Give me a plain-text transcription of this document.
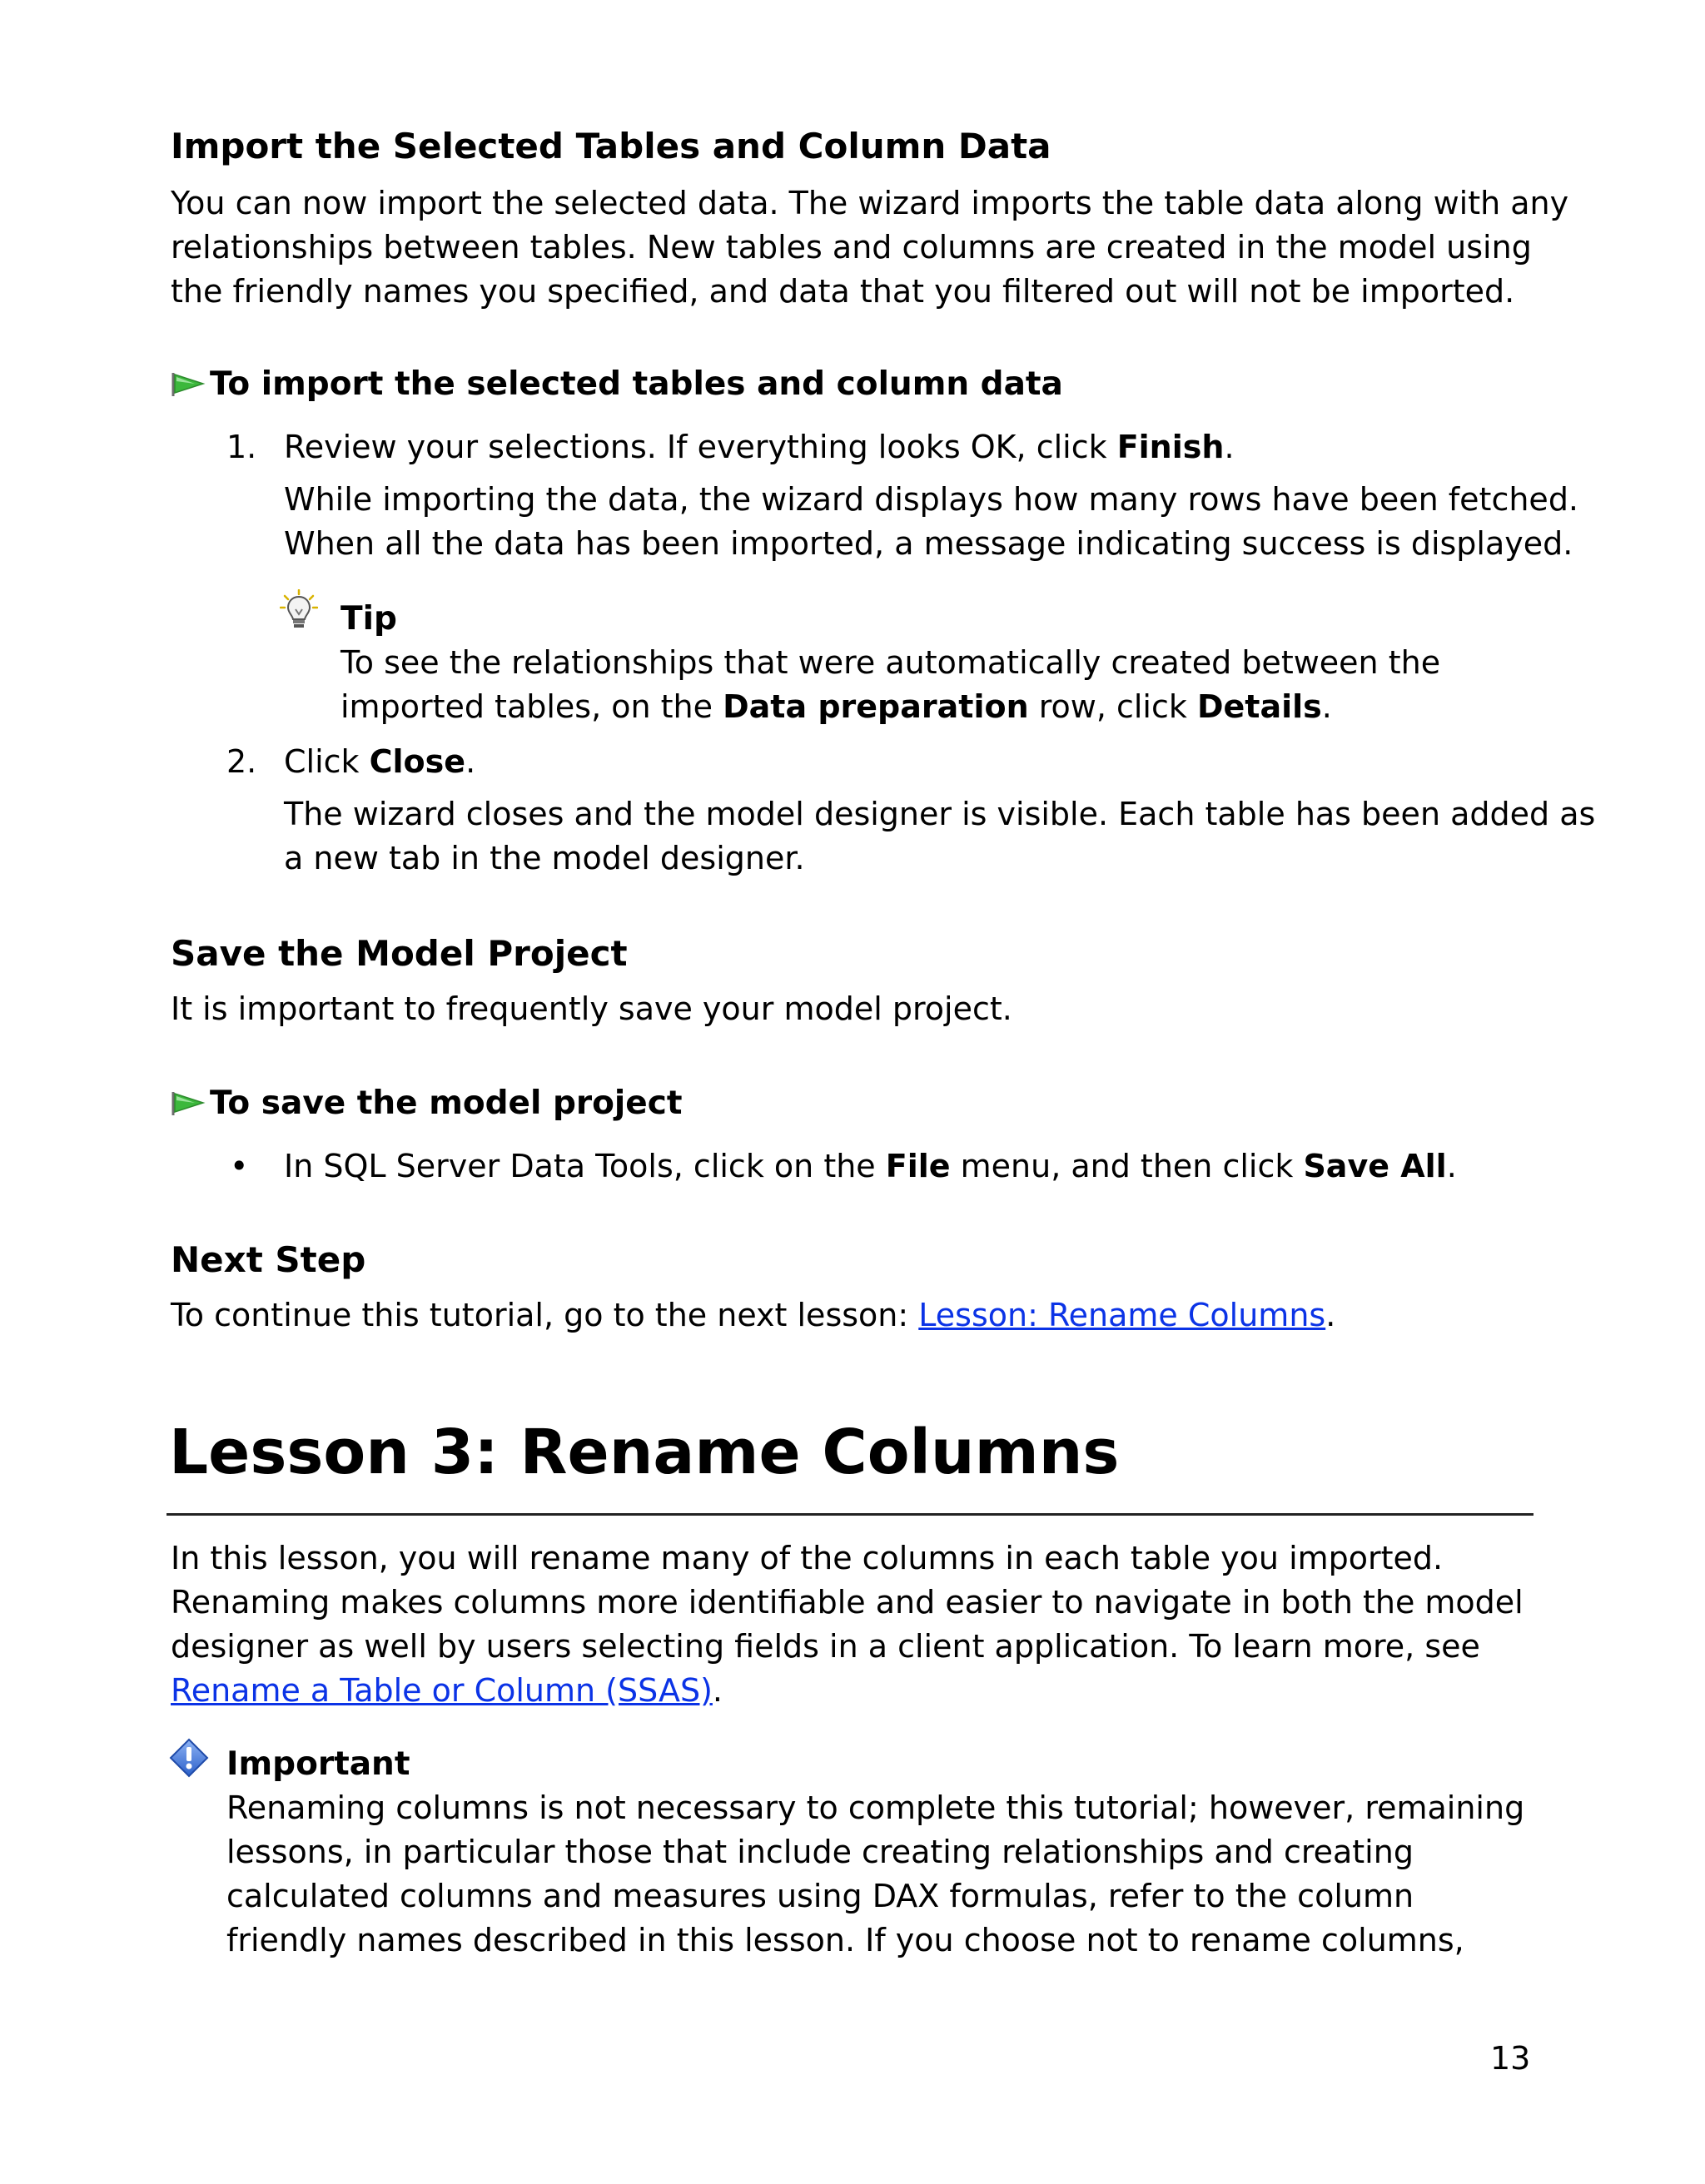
Import the Selected Tables and Column Data
You can now import the selected data. The wizard imports the table data along with any
relationships between tables. New tables and columns are created in the model using
the friendly names you specified, and data that you filtered out will not be imported.
To import the selected tables and column data
1. Review your selections. If everything looks OK, click Finish.
While importing the data, the wizard displays how many rows have been fetched.
When all the data has been imported, a message indicating success is displayed.
Tip
To see the relationships that were automatically created between the
imported tables, on the Data preparation row, click Details.
2. Click Close.
The wizard closes and the model designer is visible. Each table has been added as
a new tab in the model designer.
Save the Model Project
It is important to frequently save your model project.
To save the model project
• In SQL Server Data Tools, click on the File menu, and then click Save All.
Next Step
To continue this tutorial, go to the next lesson: Lesson: Rename Columns.
Lesson 3: Rename Columns
In this lesson, you will rename many of the columns in each table you imported.
Renaming makes columns more identifiable and easier to navigate in both the model
designer as well by users selecting fields in a client application. To learn more, see
Rename a Table or Column (SSAS).
Important
Renaming columns is not necessary to complete this tutorial; however, remaining
lessons, in particular those that include creating relationships and creating
calculated columns and measures using DAX formulas, refer to the column
friendly names described in this lesson. If you choose not to rename columns,
13
